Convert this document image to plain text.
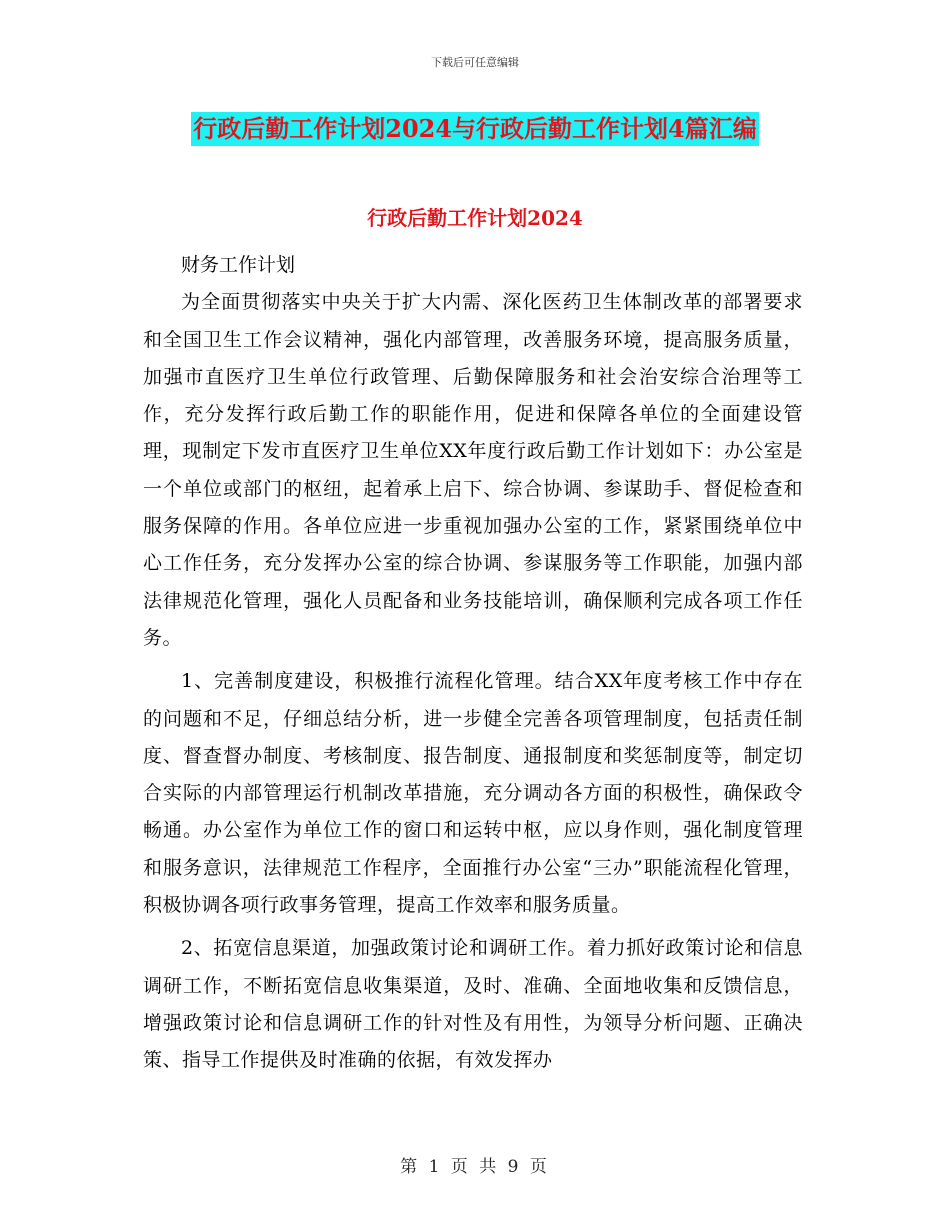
下载后可任意编辑
行政后勤工作计划2024与行政后勤工作计划4篇汇编
行政后勤工作计划2024

财务工作计划

为全面贯彻落实中央关于扩大内需、深化医药卫生体制改革的部署要求和全国卫生工作会议精神，强化内部管理，改善服务环境，提高服务质量，加强市直医疗卫生单位行政管理、后勤保障服务和社会治安综合治理等工作，充分发挥行政后勤工作的职能作用，促进和保障各单位的全面建设管理，现制定下发市直医疗卫生单位XX年度行政后勤工作计划如下：办公室是一个单位或部门的枢纽，起着承上启下、综合协调、参谋助手、督促检查和服务保障的作用。各单位应进一步重视加强办公室的工作，紧紧围绕单位中心工作任务，充分发挥办公室的综合协调、参谋服务等工作职能，加强内部法律规范化管理，强化人员配备和业务技能培训，确保顺利完成各项工作任务。

1、完善制度建设，积极推行流程化管理。结合XX年度考核工作中存在的问题和不足，仔细总结分析，进一步健全完善各项管理制度，包括责任制度、督查督办制度、考核制度、报告制度、通报制度和奖惩制度等，制定切合实际的内部管理运行机制改革措施，充分调动各方面的积极性，确保政令畅通。办公室作为单位工作的窗口和运转中枢，应以身作则，强化制度管理和服务意识，法律规范工作程序，全面推行办公室“三办”职能流程化管理，积极协调各项行政事务管理，提高工作效率和服务质量。

2、拓宽信息渠道，加强政策讨论和调研工作。着力抓好政策讨论和信息调研工作，不断拓宽信息收集渠道，及时、准确、全面地收集和反馈信息，增强政策讨论和信息调研工作的针对性及有用性，为领导分析问题、正确决策、指导工作提供及时准确的依据，有效发挥办

第 1 页 共 9 页
